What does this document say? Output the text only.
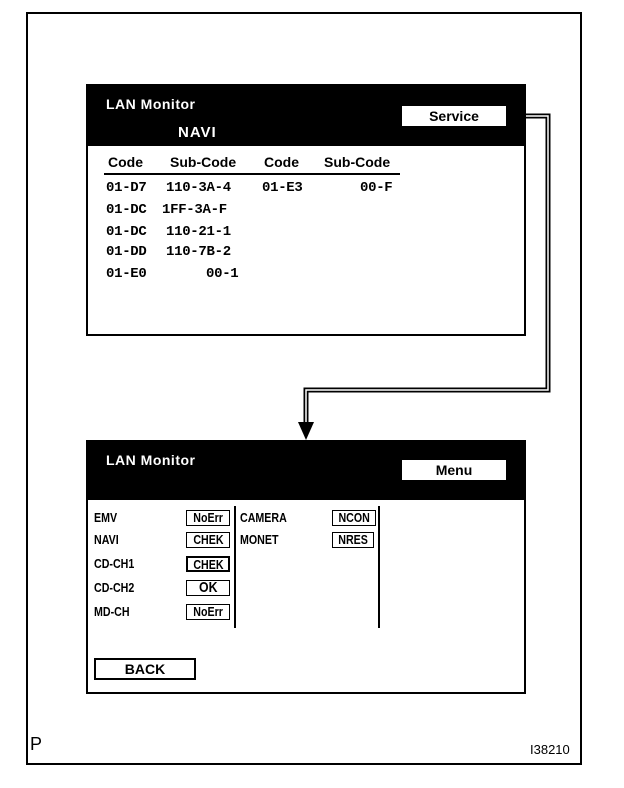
LAN Monitor
NAVI
Service
Code Sub-Code Code Sub-Code
01-D7 110-3A-4 01-E3	00-F
01-DC 1FF-3A-F
01-DC 110-21-1
01-DD 110-7B-2
01-E0	00-1
LAN Monitor
Menu
EMV	NoErr
NAVI	CHEK
CD-CH1	CHEK
CD-CH2	OK
MD-CH	NoErr
CAMERA	NCON
MONET	NRES
BACK
P	I38210
